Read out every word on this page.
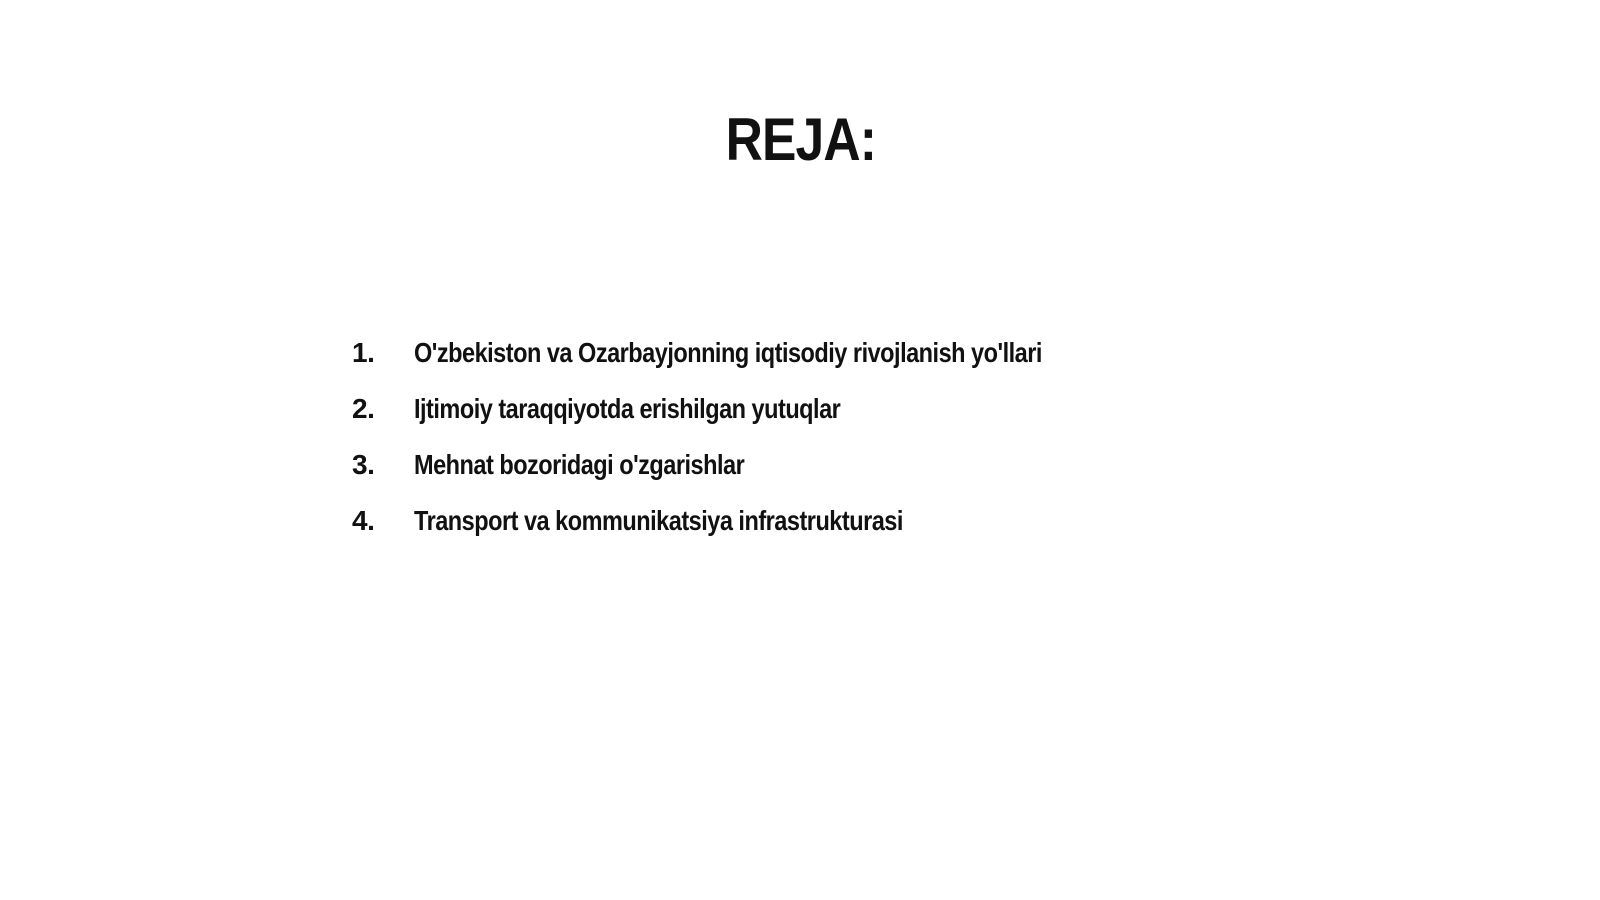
REJA:
1.	O'zbekiston va Ozarbayjonning iqtisodiy rivojlanish yo'llari
2.	Ijtimoiy taraqqiyotda erishilgan yutuqlar
3.	Mehnat bozoridagi o'zgarishlar
4.	Transport va kommunikatsiya infrastrukturasi
